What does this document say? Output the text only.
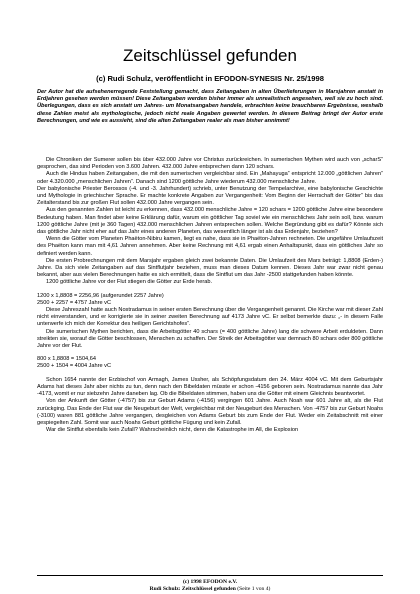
Zeitschlüssel gefunden
(c) Rudi Schulz, veröffentlicht in EFODON-SYNESIS Nr. 25/1998

Der Autor hat die aufsehenerregende Feststellung gemacht, dass Zeitangaben in alten Überlieferungen in Marsjahren anstatt in Erdjahren gesehen werden müssen! Diese Zeitangaben werden bisher immer als unrealistisch angesehen, weil sie zu hoch sind. Überlegungen, dass es sich anstatt um Jahres- um Monatsangaben handele, erbrachten keine brauchbaren Ergebnisse, weshalb diese Zahlen meist als mythologische, jedoch nicht reale Angaben gewertet werden. In diesem Beitrag bringt der Autor erste Berechnungen, und wie es aussieht, sind die alten Zeitangaben realer als man bisher annimmt!

Die Chroniken der Sumerer sollen bis über 432.000 Jahre vor Christus zurückreichen. In sumerischen Mythen wird auch von „scharS“ gesprochen, das sind Perioden von 3.600 Jahren. 432.000 Jahre entsprechen dann 120 schars.

Auch die Hindus haben Zeitangaben, die mit den sumerischen vergleichbar sind. Ein „Mahayuga“ entspricht 12.000 „göttlichen Jahren“ oder 4.320.000 „menschlichen Jahren“. Danach sind 1200 göttliche Jahre wiederum 432.000 menschliche Jahre.

Der babylonische Priester Berossos (-4. und -3. Jahrhundert) schrieb, unter Benutzung der Tempelarchive, eine babylonische Geschichte und Mythologie in griechischer Sprache. Er machte konkrete Angaben zur Vergangenheit: Vom Beginn der Herrschaft der Götter“ bis das Zeitalterstand bis zur großen Flut sollen 432.000 Jahre vergangen sein.

Aus den genannten Zahlen ist leicht zu erkennen, dass 432.000 menschliche Jahre = 120 schars = 1200 göttliche Jahre eine besondere Bedeutung haben. Man findet aber keine Erklärung dafür, warum ein göttlicher Tag soviel wie ein menschliches Jahr sein soll, bzw. warum 1200 göttliche Jahre (mit je 360 Tagen) 432.000 menschlichen Jahren entsprechen sollen. Welche Begründung gibt es dafür? Könnte sich das göttliche Jahr nicht eher auf das Jahr eines anderen Planeten, das wesentlich länger ist als das Erdenjahr, beziehen?

Wenn die Götter vom Planeten Phaëton-Nibiru kamen, liegt es nahe, dass sie in Phaëton-Jahren rechneten. Die ungefähre Umlaufszeit des Phaëton kann man mit 4,61 Jahren annehmen. Aber keine Rechnung mit 4,61 ergab einen Anhaltspunkt, dass ein göttliches Jahr so definiert werden kann.

Die ersten Probrechnungen mit dem Marsjahr ergaben gleich zwei bekannte Daten. Die Umlaufzeit des Mars beträgt: 1,8808 (Erden-) Jahre. Da sich viele Zeitangaben auf das Sintflutjahr beziehen, muss man dieses Datum kennen. Dieses Jahr war zwar nicht genau bekannt, aber aus vielen Berechnungen hatte es sich ermittelt, dass die Sintflut um das Jahr -2500 stattgefunden haben könnte.

1200 göttliche Jahre vor der Flut stiegen die Götter zur Erde herab.

1200 x 1,8808 = 2256,96 (aufgerundet 2257 Jahre)

2500 + 2257 = 4757 Jahre vC

Diese Jahreszahl hatte auch Nostradamus in seiner ersten Berechnung über die Vergangenheit genannt. Die Kirche war mit dieser Zahl nicht einverstanden, und er korrigierte sie in seiner zweiten Berechnung auf 4173 Jahre vC. Er selbst bemerkte dazu: „- in diesem Falle unterwerfe ich mich der Korrektur des heiligen Gerichtshofes“.

Die sumerischen Mythen berichten, dass die Arbeitsgötter 40 schars (= 400 göttliche Jahre) lang die schwere Arbeit erduldeten. Dann streikten sie, worauf die Götter beschlossen, Menschen zu schaffen. Der Streik der Arbeitsgötter war demnach 80 schars oder 800 göttliche Jahre vor der Flut.

800 x 1,8808 = 1504,64

2500 + 1504 = 4004 Jahre vC

Schon 1654 nannte der Erzbischof von Armagh, James Ussher, als Schöpfungsdatum den 24. März 4004 vC. Mit dem Geburtsjahr Adams hat dieses Jahr aber nichts zu tun, denn nach den Bibeldaten müsste er schon -4156 geboren sein. Nostradamus nannte das Jahr -4173, womit er nur siebzehn Jahre daneben lag. Ob die Bibeldaten stimmen, haben uns die Götter mit einem Gleichnis beantwortet.

Von der Ankunft der Götter (-4757) bis zur Geburt Adams (-4156) vergingen 601 Jahre. Auch Noah war 601 Jahre alt, als die Flut zurückging. Das Ende der Flut war die Neugeburt der Welt, vergleichbar mit der Neugeburt des Menschen. Von -4757 bis zur Geburt Noahs (-3100) waren 881 göttliche Jahre vergangen, desgleichen von Adams Geburt bis zum Ende der Flut. Weder ein Zeitabschnitt mit einer gespiegelten Zahl. Somit war auch Noahs Geburt göttliche Fügung und kein Zufall.

War die Sintflut ebenfalls kein Zufall? Wahrscheinlich nicht, denn die Katastrophe im All, die Explosion

(c) 1998 EFODON e.V.
Rudi Schulz: Zeitschlüssel gefunden (Seite 1 von 4)
